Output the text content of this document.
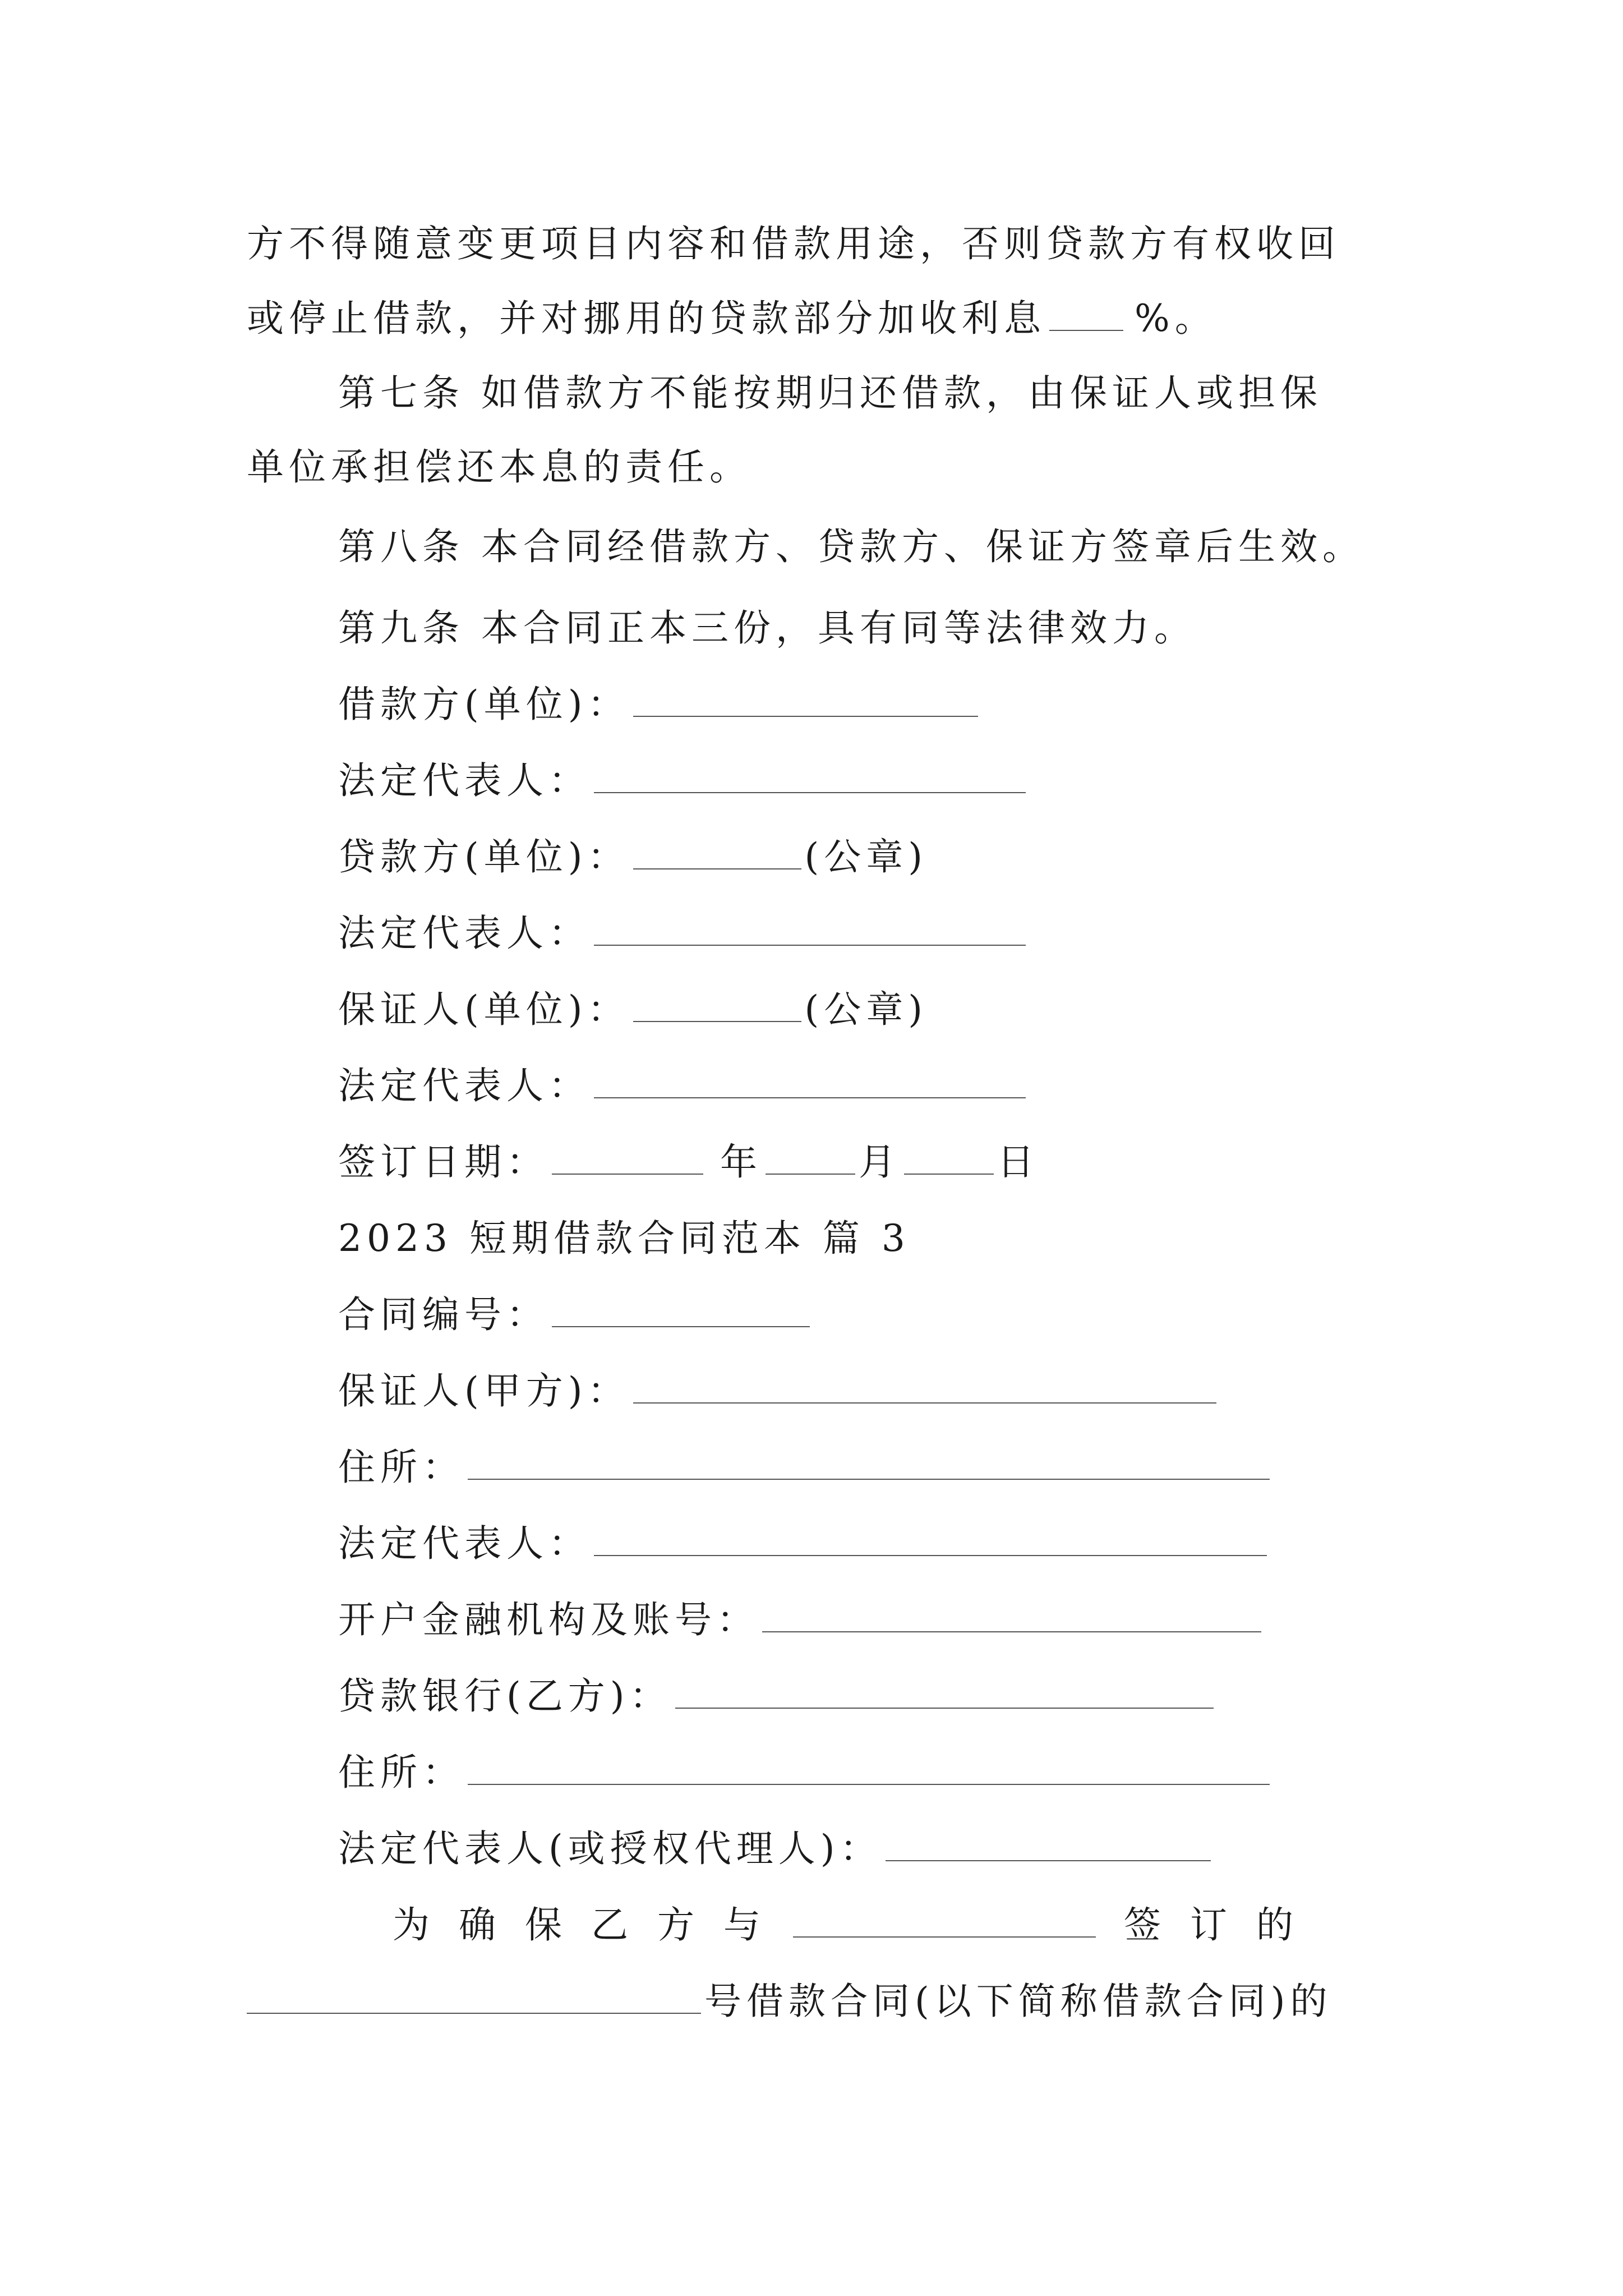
方不得随意变更项目内容和借款用途，否则贷款方有权收回
或停止借款，并对挪用的贷款部分加收利息 %。
第七条 如借款方不能按期归还借款，由保证人或担保
单位承担偿还本息的责任。
第八条 本合同经借款方、贷款方、保证方签章后生效。
第九条 本合同正本三份，具有同等法律效力。
借款方(单位)：
法定代表人：
贷款方(单位)：	(公章)
法定代表人：
保证人(单位)：	(公章)
法定代表人：
签订日期：	年	月	日
2023 短期借款合同范本 篇 3
合同编号：
保证人(甲方)：
住所：
法定代表人：
开户金融机构及账号：
贷款银行(乙方)：
住所：
法定代表人(或授权代理人)：
为确保乙方与	签订的
号借款合同(以下简称借款合同)的
